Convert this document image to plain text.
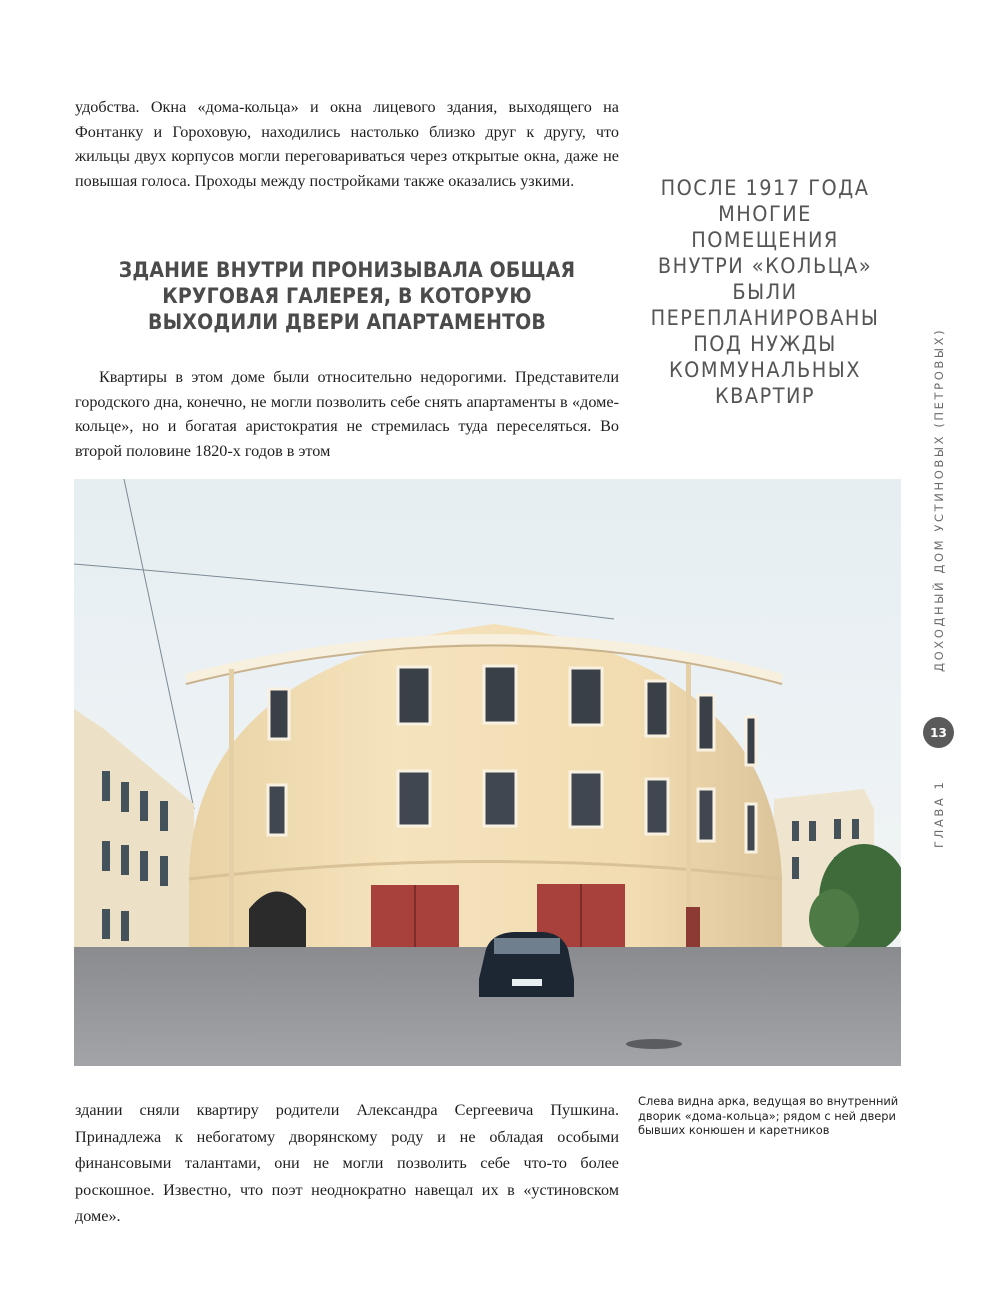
удобства. Окна «дома-кольца» и окна лицевого здания, выходящего на Фонтанку и Гороховую, находились настолько близко друг к другу, что жильцы двух корпусов могли переговариваться через открытые окна, даже не повышая голоса. Проходы между постройками также оказались узкими.

ЗДАНИЕ ВНУТРИ ПРОНИЗЫВАЛА ОБЩАЯ КРУГОВАЯ ГАЛЕРЕЯ, В КОТОРУЮ ВЫХОДИЛИ ДВЕРИ АПАРТАМЕНТОВ

Квартиры в этом доме были относительно недорогими. Представители городского дна, конечно, не могли позволить себе снять апартаменты в «доме-кольце», но и богатая аристократия не стремилась туда переселяться. Во второй половине 1820-х годов в этом

ПОСЛЕ 1917 ГОДА МНОГИЕ ПОМЕЩЕНИЯ ВНУТРИ «КОЛЬЦА» БЫЛИ ПЕРЕПЛАНИРОВАНЫ ПОД НУЖДЫ КОММУНАЛЬНЫХ КВАРТИР

Слева видна арка, ведущая во внутренний дворик «дома-кольца»; рядом с ней двери бывших конюшен и каретников

здании сняли квартиру родители Александра Сергеевича Пушкина. Принадлежа к небогатому дворянскому роду и не обладая особыми финансовыми талантами, они не могли позволить себе что-то более роскошное. Известно, что поэт неоднократно навещал их в «устиновском доме».

ДОХОДНЫЙ ДОМ УСТИНОВЫХ (ПЕТРОВЫХ)

13

ГЛАВА 1
